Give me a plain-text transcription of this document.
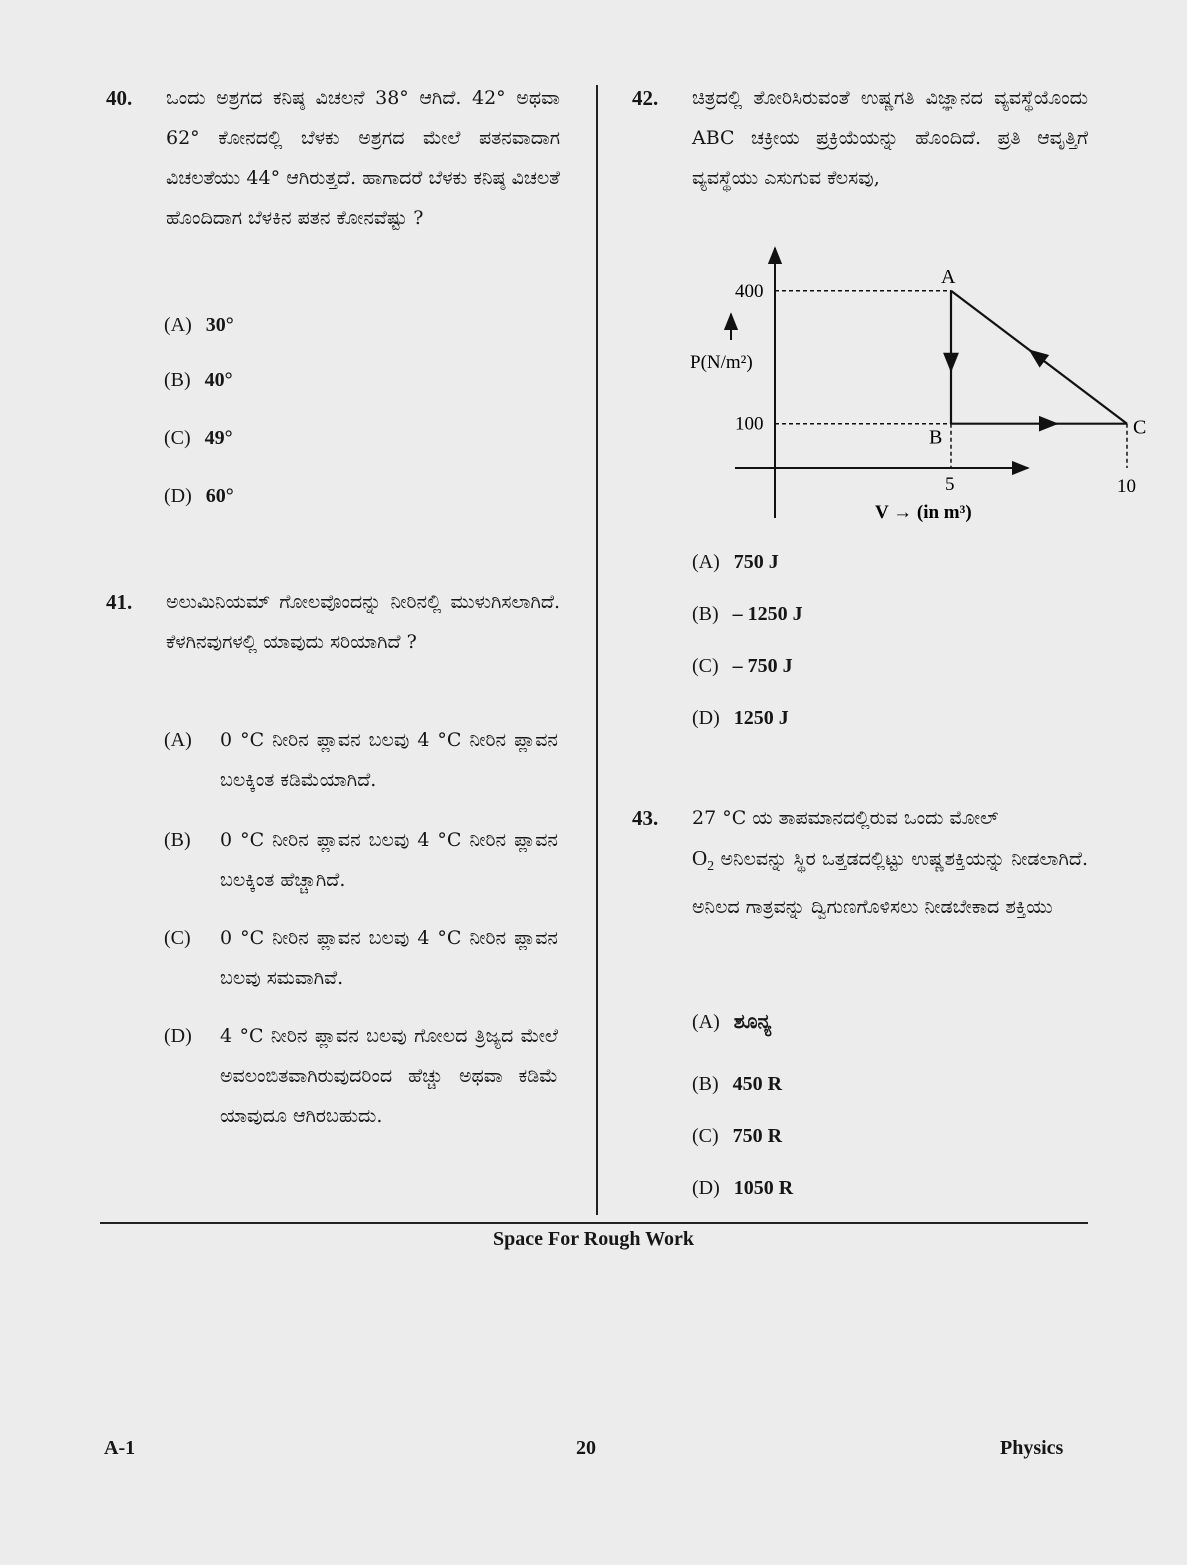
40. ಒಂದು ಅಶ್ರಗದ ಕನಿಷ್ಠ ವಿಚಲನೆ 38° ಆಗಿದೆ. 42° ಅಥವಾ 62° ಕೋನದಲ್ಲಿ ಬೆಳಕು ಅಶ್ರಗದ ಮೇಲೆ ಪತನವಾದಾಗ ವಿಚಲತೆಯು 44° ಆಗಿರುತ್ತದೆ. ಹಾಗಾದರೆ ಬೆಳಕು ಕನಿಷ್ಠ ವಿಚಲತೆ ಹೊಂದಿದಾಗ ಬೆಳಕಿನ ಪತನ ಕೋನವೆಷ್ಟು ?
(A) 30°
(B) 40°
(C) 49°
(D) 60°
41. ಅಲುಮಿನಿಯಮ್ ಗೋಲವೊಂದನ್ನು ನೀರಿನಲ್ಲಿ ಮುಳುಗಿಸಲಾಗಿದೆ. ಕೆಳಗಿನವುಗಳಲ್ಲಿ ಯಾವುದು ಸರಿಯಾಗಿದೆ ?
(A) 0 °C ನೀರಿನ ಪ್ಲಾವನ ಬಲವು 4 °C ನೀರಿನ ಪ್ಲಾವನ ಬಲಕ್ಕಿಂತ ಕಡಿಮೆಯಾಗಿದೆ.
(B) 0 °C ನೀರಿನ ಪ್ಲಾವನ ಬಲವು 4 °C ನೀರಿನ ಪ್ಲಾವನ ಬಲಕ್ಕಿಂತ ಹೆಚ್ಚಾಗಿದೆ.
(C) 0 °C ನೀರಿನ ಪ್ಲಾವನ ಬಲವು 4 °C ನೀರಿನ ಪ್ಲಾವನ ಬಲವು ಸಮವಾಗಿವೆ.
(D) 4 °C ನೀರಿನ ಪ್ಲಾವನ ಬಲವು ಗೋಲದ ತ್ರಿಜ್ಯದ ಮೇಲೆ ಅವಲಂಬಿತವಾಗಿರುವುದರಿಂದ ಹೆಚ್ಚು ಅಥವಾ ಕಡಿಮೆ ಯಾವುದೂ ಆಗಿರಬಹುದು.
42. ಚಿತ್ರದಲ್ಲಿ ತೋರಿಸಿರುವಂತೆ ಉಷ್ಣಗತಿ ವಿಜ್ಞಾನದ ವ್ಯವಸ್ಥೆಯೊಂದು ABC ಚಕ್ರೀಯ ಪ್ರಕ್ರಿಯೆಯನ್ನು ಹೊಂದಿದೆ. ಪ್ರತಿ ಆವೃತ್ತಿಗೆ ವ್ಯವಸ್ಥೆಯು ಎಸುಗುವ ಕೆಲಸವು,
A
B	C
400
100
5	10
P(N/m²)
V → (in m³)
(A) 750 J
(B) – 1250 J
(C) – 750 J
(D) 1250 J
43. 27 °C ಯ ತಾಪಮಾನದಲ್ಲಿರುವ ಒಂದು ಮೋಲ್
$O_2$ ಅನಿಲವನ್ನು ಸ್ಥಿರ ಒತ್ತಡದಲ್ಲಿಟ್ಟು ಉಷ್ಣಶಕ್ತಿಯನ್ನು ನೀಡಲಾಗಿದೆ. ಅನಿಲದ ಗಾತ್ರವನ್ನು ದ್ವಿಗುಣಗೊಳಿಸಲು ನೀಡಬೇಕಾದ ಶಕ್ತಿಯು
(A) ಶೂನ್ಯ
(B) 450 R
(C) 750 R
(D) 1050 R
Space For Rough Work
A-1	20	Physics
